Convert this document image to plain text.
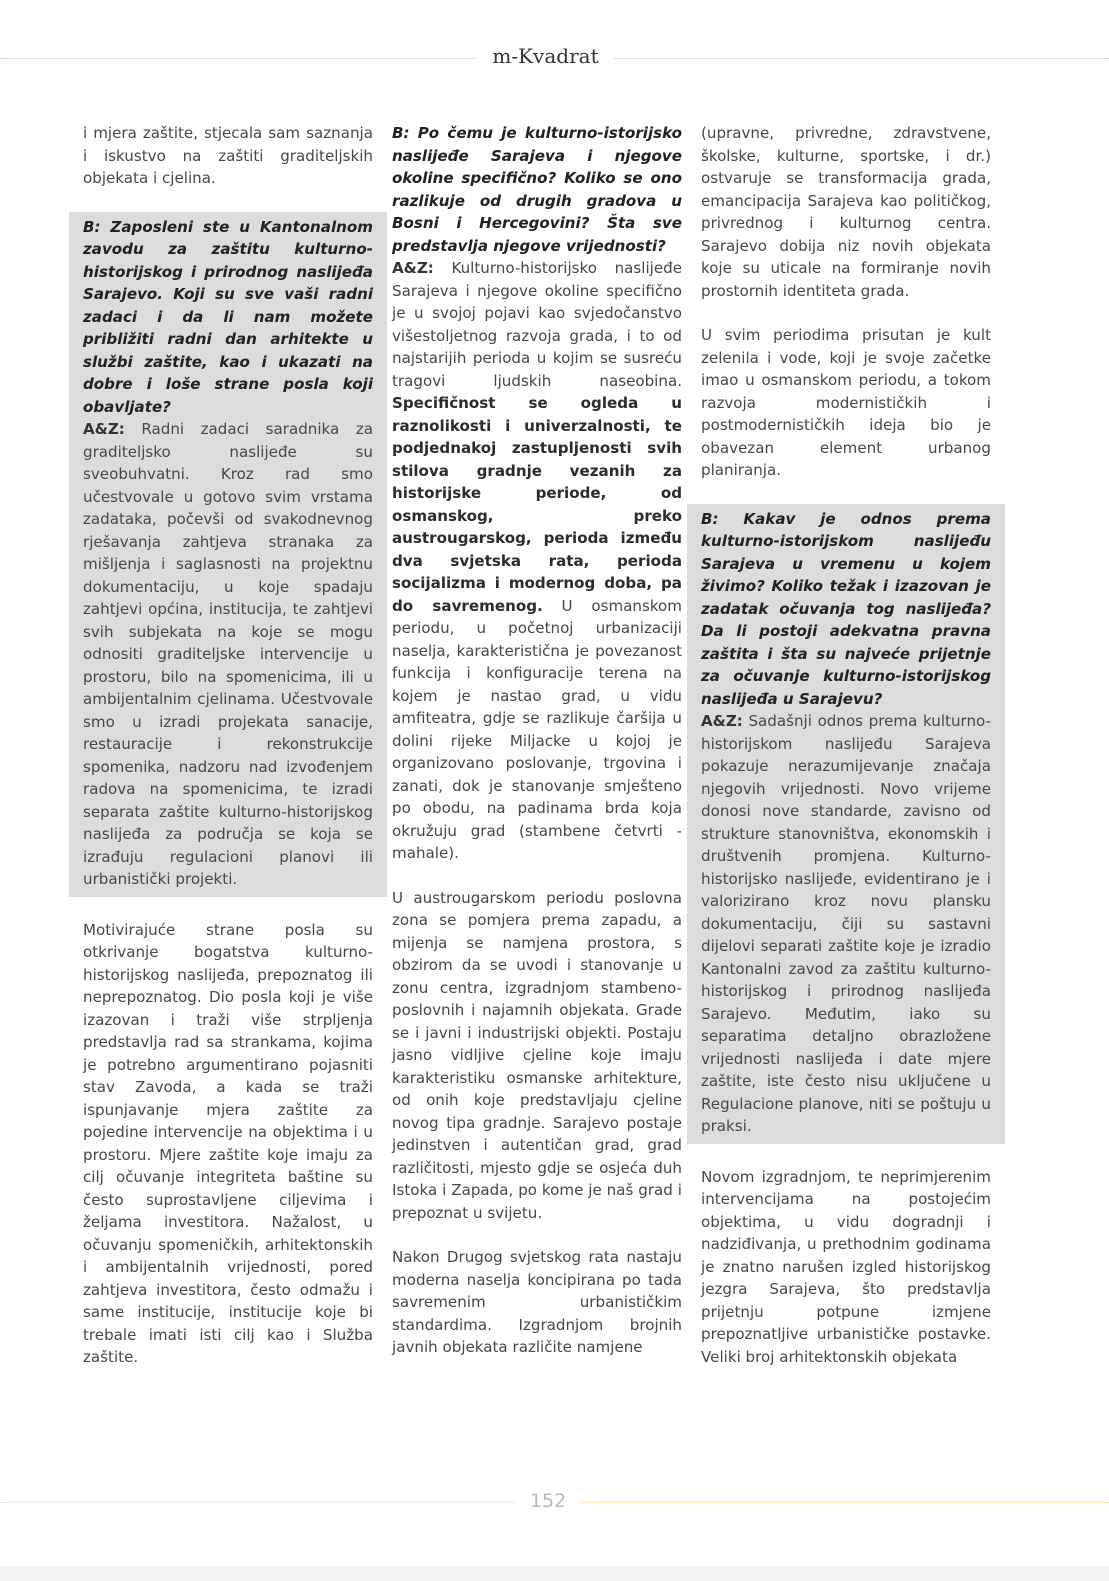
m-Kvadrat

i mjera zaštite, stjecala sam saznanja i iskustvo na zaštiti graditeljskih objekata i cjelina.

B: Zaposleni ste u Kantonalnom zavodu za zaštitu kulturno-historijskog i prirodnog naslijeđa Sarajevo. Koji su sve vaši radni zadaci i da li nam možete približiti radni dan arhitekte u službi zaštite, kao i ukazati na dobre i loše strane posla koji obavljate?

A&Z: Radni zadaci saradnika za graditeljsko naslijeđe su sveobuhvatni. Kroz rad smo učestvovale u gotovo svim vrstama zadataka, počevši od svakodnevnog rješavanja zahtjeva stranaka za mišljenja i saglasnosti na projektnu dokumentaciju, u koje spadaju zahtjevi općina, institucija, te zahtjevi svih subjekata na koje se mogu odnositi graditeljske intervencije u prostoru, bilo na spomenicima, ili u ambijentalnim cjelinama. Učestvovale smo u izradi projekata sanacije, restauracije i rekonstrukcije spomenika, nadzoru nad izvođenjem radova na spomenicima, te izradi separata zaštite kulturno-historijskog naslijeđa za područja se koja se izrađuju regulacioni planovi ili urbanistički projekti.

Motivirajuće strane posla su otkrivanje bogatstva kulturno-historijskog naslijeđa, prepoznatog ili neprepoznatog. Dio posla koji je više izazovan i traži više strpljenja predstavlja rad sa strankama, kojima je potrebno argumentirano pojasniti stav Zavoda, a kada se traži ispunjavanje mjera zaštite za pojedine intervencije na objektima i u prostoru. Mjere zaštite koje imaju za cilj očuvanje integriteta baštine su često suprostavljene ciljevima i željama investitora. Nažalost, u očuvanju spomeničkih, arhitektonskih i ambijentalnih vrijednosti, pored zahtjeva investitora, često odmažu i same institucije, institucije koje bi trebale imati isti cilj kao i Služba zaštite.

B: Po čemu je kulturno-istorijsko naslijeđe Sarajeva i njegove okoline specifično? Koliko se ono razlikuje od drugih gradova u Bosni i Hercegovini? Šta sve predstavlja njegove vrijednosti?

A&Z: Kulturno-historijsko naslijeđe Sarajeva i njegove okoline specifično je u svojoj pojavi kao svjedočanstvo višestoljetnog razvoja grada, i to od najstarijih perioda u kojim se susreću tragovi ljudskih naseobina. Specifičnost se ogleda u raznolikosti i univerzalnosti, te podjednakoj zastupljenosti svih stilova gradnje vezanih za historijske periode, od osmanskog, preko austrougarskog, perioda između dva svjetska rata, perioda socijalizma i modernog doba, pa do savremenog. U osmanskom periodu, u početnoj urbanizaciji naselja, karakteristična je povezanost funkcija i konfiguracije terena na kojem je nastao grad, u vidu amfiteatra, gdje se razlikuje čaršija u dolini rijeke Miljacke u kojoj je organizovano poslovanje, trgovina i zanati, dok je stanovanje smješteno po obodu, na padinama brda koja okružuju grad (stambene četvrti - mahale).

U austrougarskom periodu poslovna zona se pomjera prema zapadu, a mijenja se namjena prostora, s obzirom da se uvodi i stanovanje u zonu centra, izgradnjom stambeno-poslovnih i najamnih objekata. Grade se i javni i industrijski objekti. Postaju jasno vidljive cjeline koje imaju karakteristiku osmanske arhitekture, od onih koje predstavljaju cjeline novog tipa gradnje. Sarajevo postaje jedinstven i autentičan grad, grad različitosti, mjesto gdje se osjeća duh Istoka i Zapada, po kome je naš grad i prepoznat u svijetu.

Nakon Drugog svjetskog rata nastaju moderna naselja koncipirana po tada savremenim urbanističkim standardima. Izgradnjom brojnih javnih objekata različite namjene

(upravne, privredne, zdravstvene, školske, kulturne, sportske, i dr.) ostvaruje se transformacija grada, emancipacija Sarajeva kao političkog, privrednog i kulturnog centra. Sarajevo dobija niz novih objekata koje su uticale na formiranje novih prostornih identiteta grada.

U svim periodima prisutan je kult zelenila i vode, koji je svoje začetke imao u osmanskom periodu, a tokom razvoja modernističkih i postmodernističkih ideja bio je obavezan element urbanog planiranja.

B: Kakav je odnos prema kulturno-istorijskom naslijeđu Sarajeva u vremenu u kojem živimo? Koliko težak i izazovan je zadatak očuvanja tog naslijeđa? Da li postoji adekvatna pravna zaštita i šta su najveće prijetnje za očuvanje kulturno-istorijskog naslijeđa u Sarajevu?

A&Z: Sadašnji odnos prema kulturno-historijskom naslijeđu Sarajeva pokazuje nerazumijevanje značaja njegovih vrijednosti. Novo vrijeme donosi nove standarde, zavisno od strukture stanovništva, ekonomskih i društvenih promjena. Kulturno-historijsko naslijeđe, evidentirano je i valorizirano kroz novu plansku dokumentaciju, čiji su sastavni dijelovi separati zaštite koje je izradio Kantonalni zavod za zaštitu kulturno-historijskog i prirodnog naslijeđa Sarajevo. Međutim, iako su separatima detaljno obrazložene vrijednosti naslijeđa i date mjere zaštite, iste često nisu uključene u Regulacione planove, niti se poštuju u praksi.

Novom izgradnjom, te neprimjerenim intervencijama na postojećim objektima, u vidu dogradnji i nadziđivanja, u prethodnim godinama je znatno narušen izgled historijskog jezgra Sarajeva, što predstavlja prijetnju potpune izmjene prepoznatljive urbanističke postavke. Veliki broj arhitektonskih objekata

152
